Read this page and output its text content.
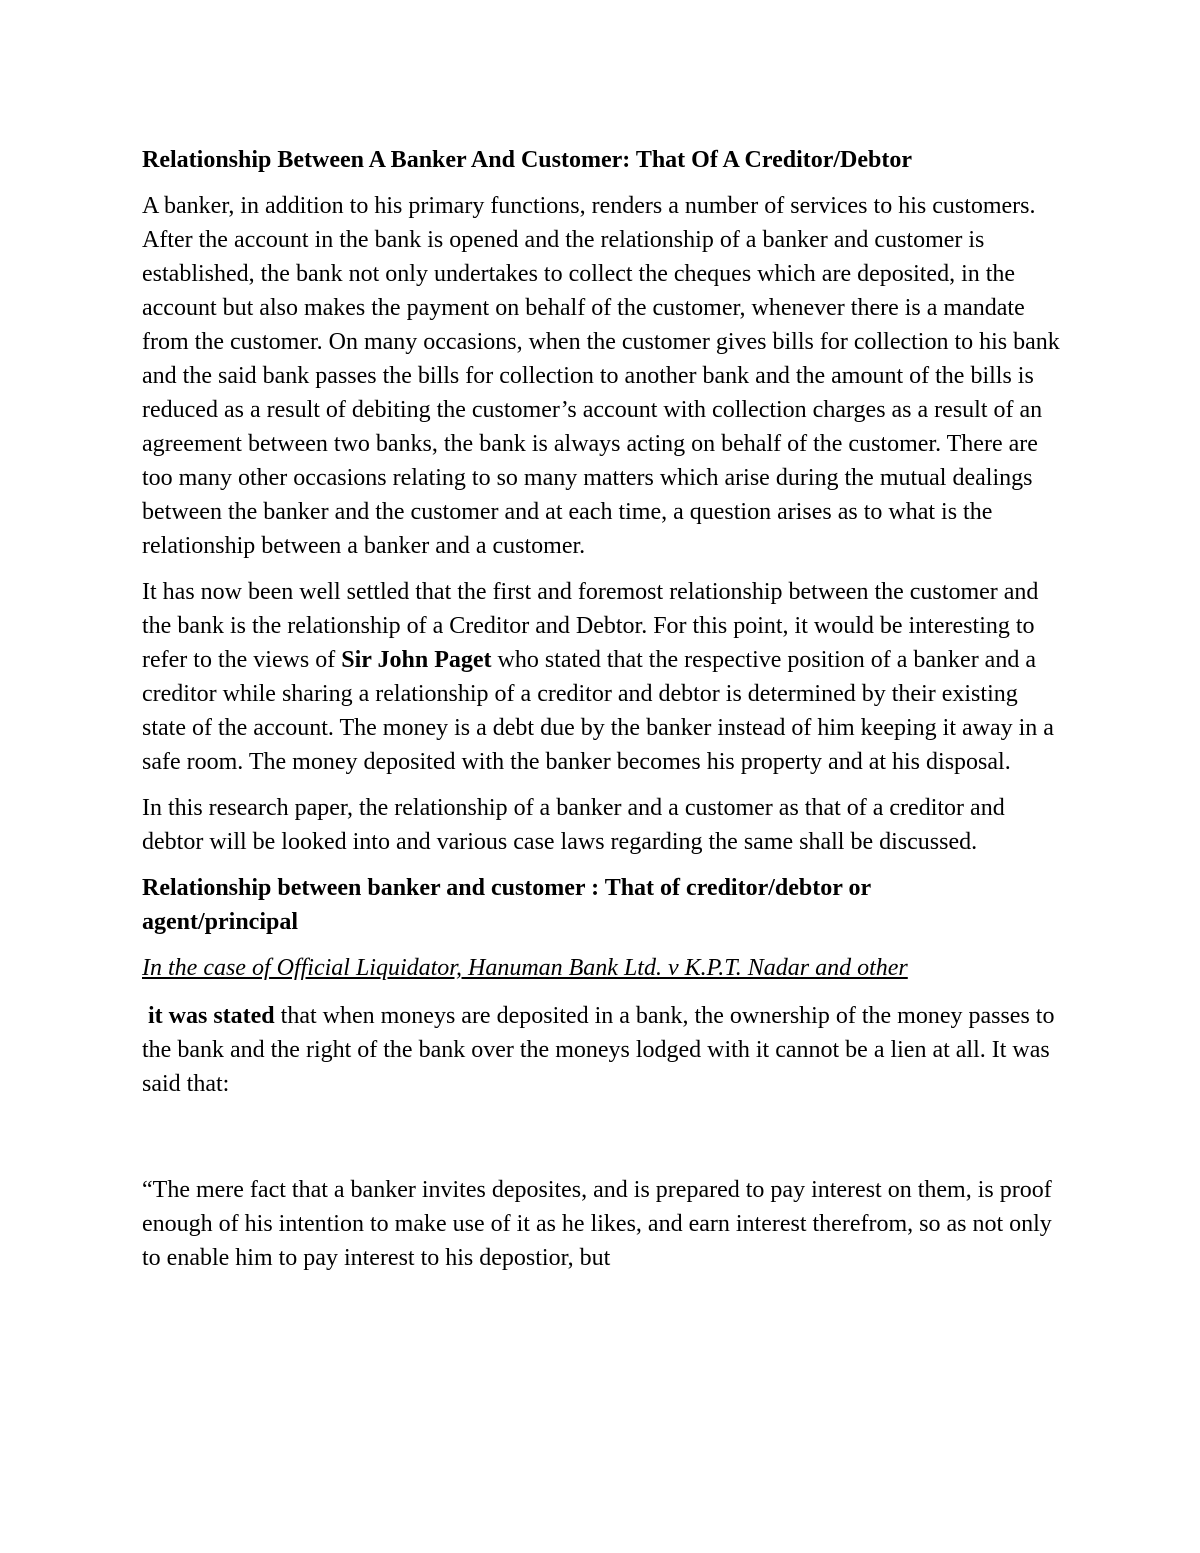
Relationship Between A Banker And Customer: That Of A Creditor/Debtor

A banker, in addition to his primary functions, renders a number of services to his customers. After the account in the bank is opened and the relationship of a banker and customer is established, the bank not only undertakes to collect the cheques which are deposited, in the account but also makes the payment on behalf of the customer, whenever there is a mandate from the customer. On many occasions, when the customer gives bills for collection to his bank and the said bank passes the bills for collection to another bank and the amount of the bills is reduced as a result of debiting the customer’s account with collection charges as a result of an agreement between two banks, the bank is always acting on behalf of the customer. There are too many other occasions relating to so many matters which arise during the mutual dealings between the banker and the customer and at each time, a question arises as to what is the relationship between a banker and a customer.

It has now been well settled that the first and foremost relationship between the customer and the bank is the relationship of a Creditor and Debtor. For this point, it would be interesting to refer to the views of Sir John Paget who stated that the respective position of a banker and a creditor while sharing a relationship of a creditor and debtor is determined by their existing state of the account. The money is a debt due by the banker instead of him keeping it away in a safe room. The money deposited with the banker becomes his property and at his disposal.

In this research paper, the relationship of a banker and a customer as that of a creditor and debtor will be looked into and various case laws regarding the same shall be discussed.

Relationship between banker and customer : That of creditor/debtor or agent/principal
In the case of Official Liquidator, Hanuman Bank Ltd. v K.P.T. Nadar and other

it was stated that when moneys are deposited in a bank, the ownership of the money passes to the bank and the right of the bank over the moneys lodged with it cannot be a lien at all. It was said that:

“The mere fact that a banker invites deposites, and is prepared to pay interest on them, is proof enough of his intention to make use of it as he likes, and earn interest therefrom, so as not only to enable him to pay interest to his depostior, but
